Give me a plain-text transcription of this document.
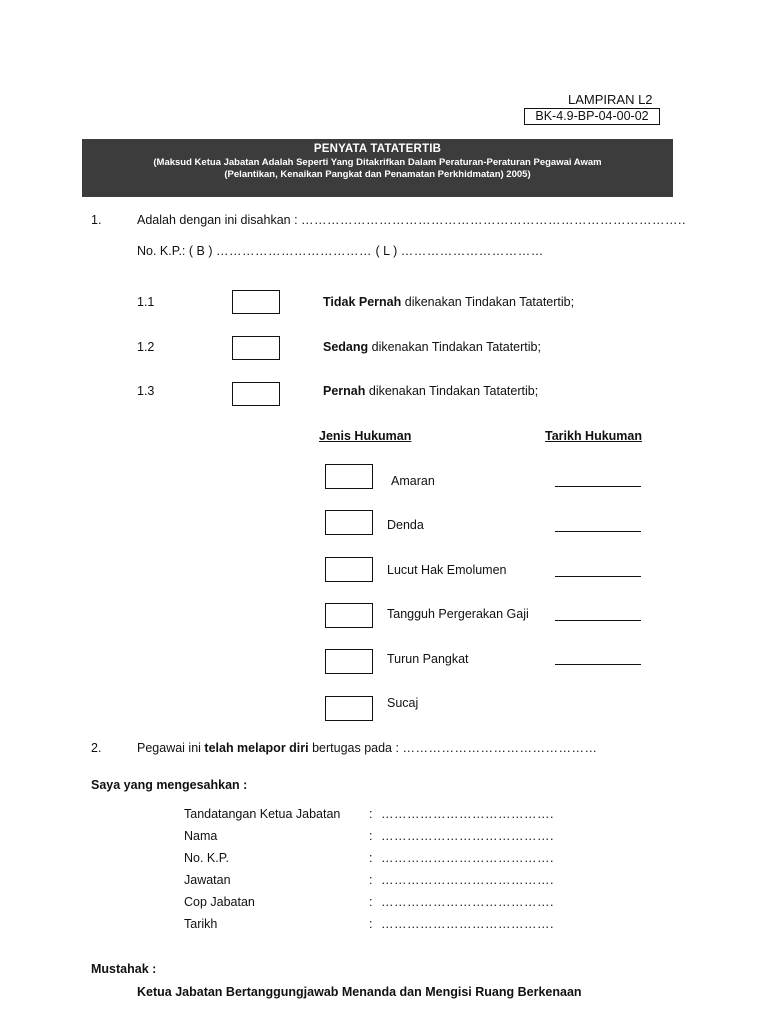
LAMPIRAN L2
BK-4.9-BP-04-00-02
PENYATA TATATERTIB
(Maksud Ketua Jabatan Adalah Seperti Yang Ditakrifkan Dalam Peraturan-Peraturan Pegawai Awam
(Pelantikan, Kenaikan Pangkat dan Penamatan Perkhidmatan) 2005)
1.	Adalah dengan ini disahkan : ……………………………………………………………………………..
No. K.P.: ( B ) ……………………………… ( L ) ……………………………
1.1	Tidak Pernah dikenakan Tindakan Tatatertib;
1.2	Sedang dikenakan Tindakan Tatatertib;
1.3	Pernah dikenakan Tindakan Tatatertib;
Jenis Hukuman	Tarikh Hukuman
Amaran
Denda
Lucut Hak Emolumen
Tangguh Pergerakan Gaji
Turun Pangkat
Sucaj
2.	Pegawai ini telah melapor diri bertugas pada : ………………………………………
Saya yang mengesahkan :
Tandatangan Ketua Jabatan : ………………………………….
Nama	: ………………………………….
No. K.P.	: ………………………………….
Jawatan	: ………………………………….
Cop Jabatan	: ………………………………….
Tarikh	: ………………………………….
Mustahak :
Ketua Jabatan Bertanggungjawab Menanda dan Mengisi Ruang Berkenaan
